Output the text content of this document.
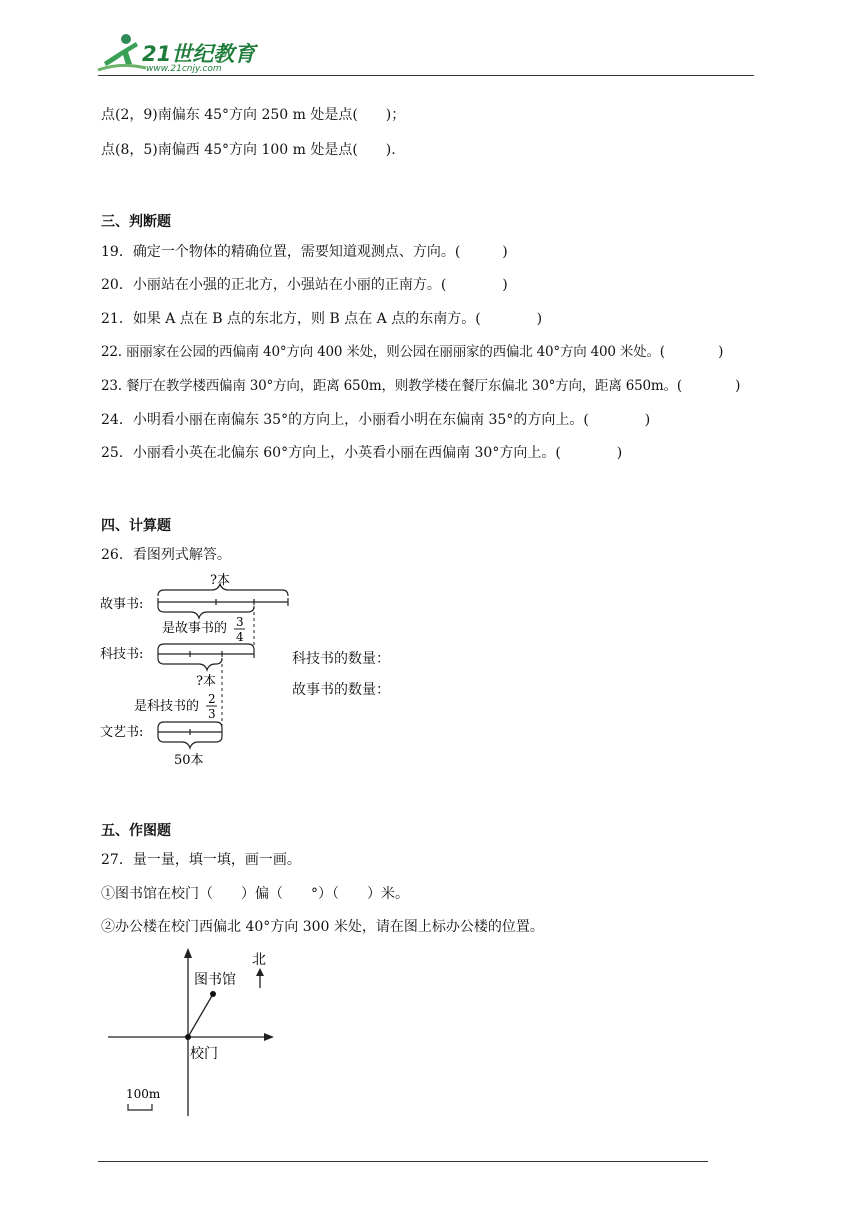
21世纪教育
www.21cnjy.com
点(2，9)南偏东 45°方向 250 m 处是点(　　)；
点(8，5)南偏西 45°方向 100 m 处是点(　　).
三、判断题
19．确定一个物体的精确位置，需要知道观测点、方向。(　　　)
20．小丽站在小强的正北方，小强站在小丽的正南方。(　　　　)
21．如果 A 点在 B 点的东北方，则 B 点在 A 点的东南方。(　　　　)
22. 丽丽家在公园的西偏南 40°方向 400 米处，则公园在丽丽家的西偏北 40°方向 400 米处。(　　　　)
23. 餐厅在教学楼西偏南 30°方向，距离 650m，则教学楼在餐厅东偏北 30°方向，距离 650m。(　　　　)
24．小明看小丽在南偏东 35°的方向上，小丽看小明在东偏南 35°的方向上。(　　　　)
25．小丽看小英在北偏东 60°方向上，小英看小丽在西偏南 30°方向上。(　　　　)
四、计算题
26．看图列式解答。
?本
故事书:
是故事书的 3
4
科技书:
?本
是科技书的 2
3
文艺书:
50本
科技书的数量：
故事书的数量：
五、作图题
27．量一量，填一填，画一画。
①图书馆在校门（　　）偏（　　°）（　　）米。
②办公楼在校门西偏北 40°方向 300 米处，请在图上标办公楼的位置。
北
图书馆
校门
100m
